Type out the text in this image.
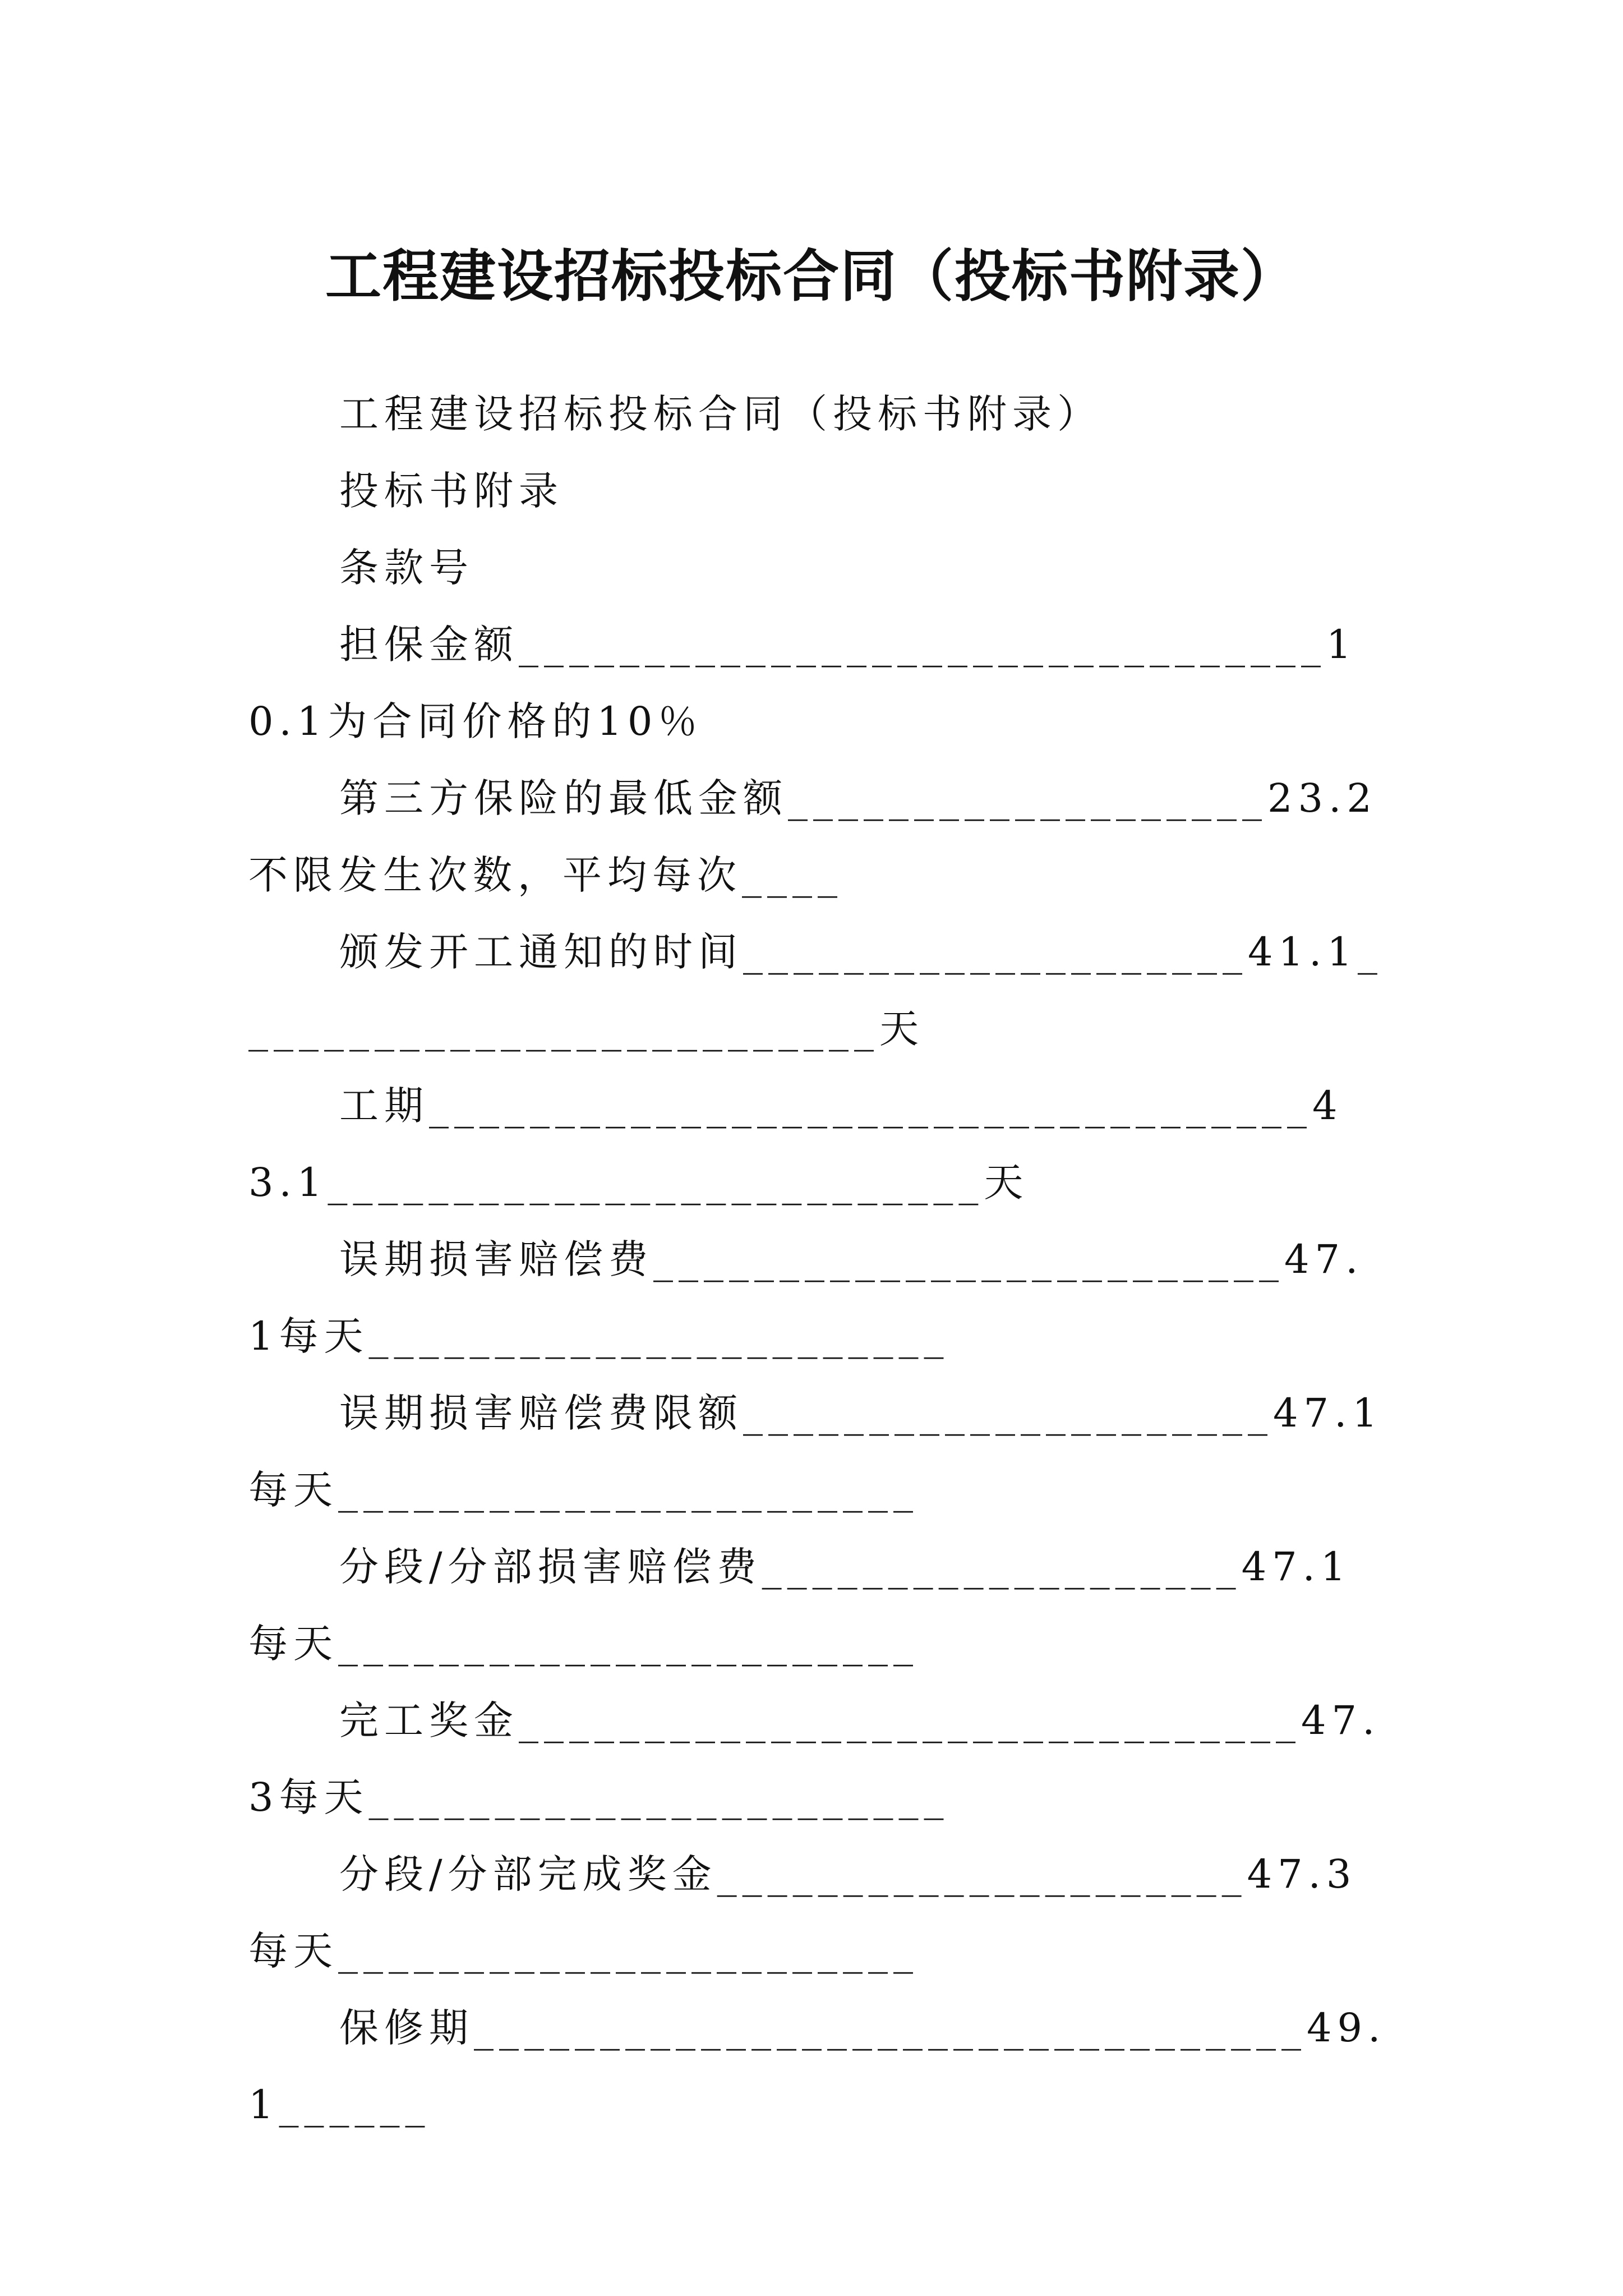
工程建设招标投标合同（投标书附录）

工程建设招标投标合同（投标书附录）

投标书附录

条款号

担保金额________________________________10.1为合同价格的10％

第三方保险的最低金额___________________23.2不限发生次数，平均每次____

颁发开工通知的时间____________________41.1__________________________天

工期___________________________________43.1__________________________天

误期损害赔偿费_________________________47.1每天_______________________

误期损害赔偿费限额_____________________47.1每天_______________________

分段/分部损害赔偿费___________________47.1每天_______________________

完工奖金_______________________________47.3每天_______________________

分段/分部完成奖金_____________________47.3每天_______________________

保修期_________________________________49.1______
